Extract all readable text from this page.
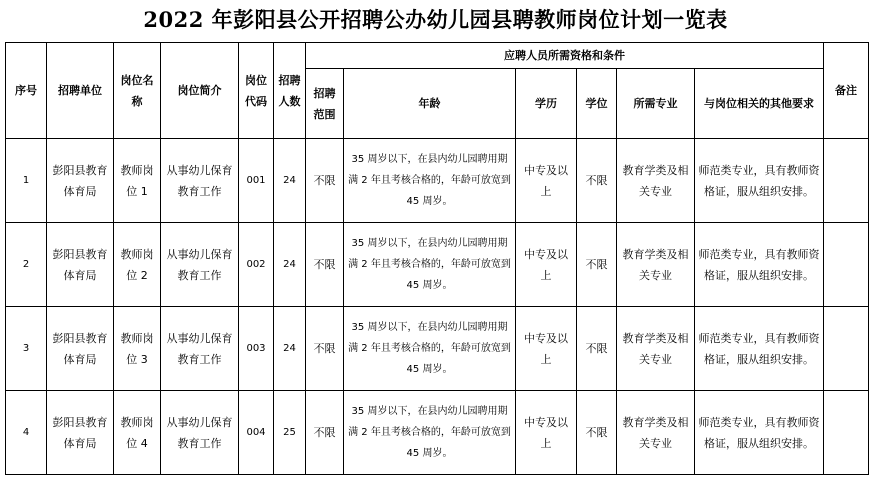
2022 年彭阳县公开招聘公办幼儿园县聘教师岗位计划一览表
序号	招聘单位	岗位名称	岗位简介	岗位代码	招聘人数	应聘人员所需资格和条件						备注

						招聘范围	年龄	学历	学位	所需专业	与岗位相关的其他要求	

1	彭阳县教育体育局	教师岗位 1	从事幼儿保育教育工作	001	24	不限	35 周岁以下，在县内幼儿园聘用期满 2 年且考核合格的，年龄可放宽到 45 周岁。	中专及以上	不限	教育学类及相关专业	师范类专业，具有教师资格证，服从组织安排。	

2	彭阳县教育体育局	教师岗位 2	从事幼儿保育教育工作	002	24	不限	35 周岁以下，在县内幼儿园聘用期满 2 年且考核合格的，年龄可放宽到 45 周岁。	中专及以上	不限	教育学类及相关专业	师范类专业，具有教师资格证，服从组织安排。	

3	彭阳县教育体育局	教师岗位 3	从事幼儿保育教育工作	003	24	不限	35 周岁以下，在县内幼儿园聘用期满 2 年且考核合格的，年龄可放宽到 45 周岁。	中专及以上	不限	教育学类及相关专业	师范类专业，具有教师资格证，服从组织安排。	

4	彭阳县教育体育局	教师岗位 4	从事幼儿保育教育工作	004	25	不限	35 周岁以下，在县内幼儿园聘用期满 2 年且考核合格的，年龄可放宽到 45 周岁。	中专及以上	不限	教育学类及相关专业	师范类专业，具有教师资格证，服从组织安排。	
